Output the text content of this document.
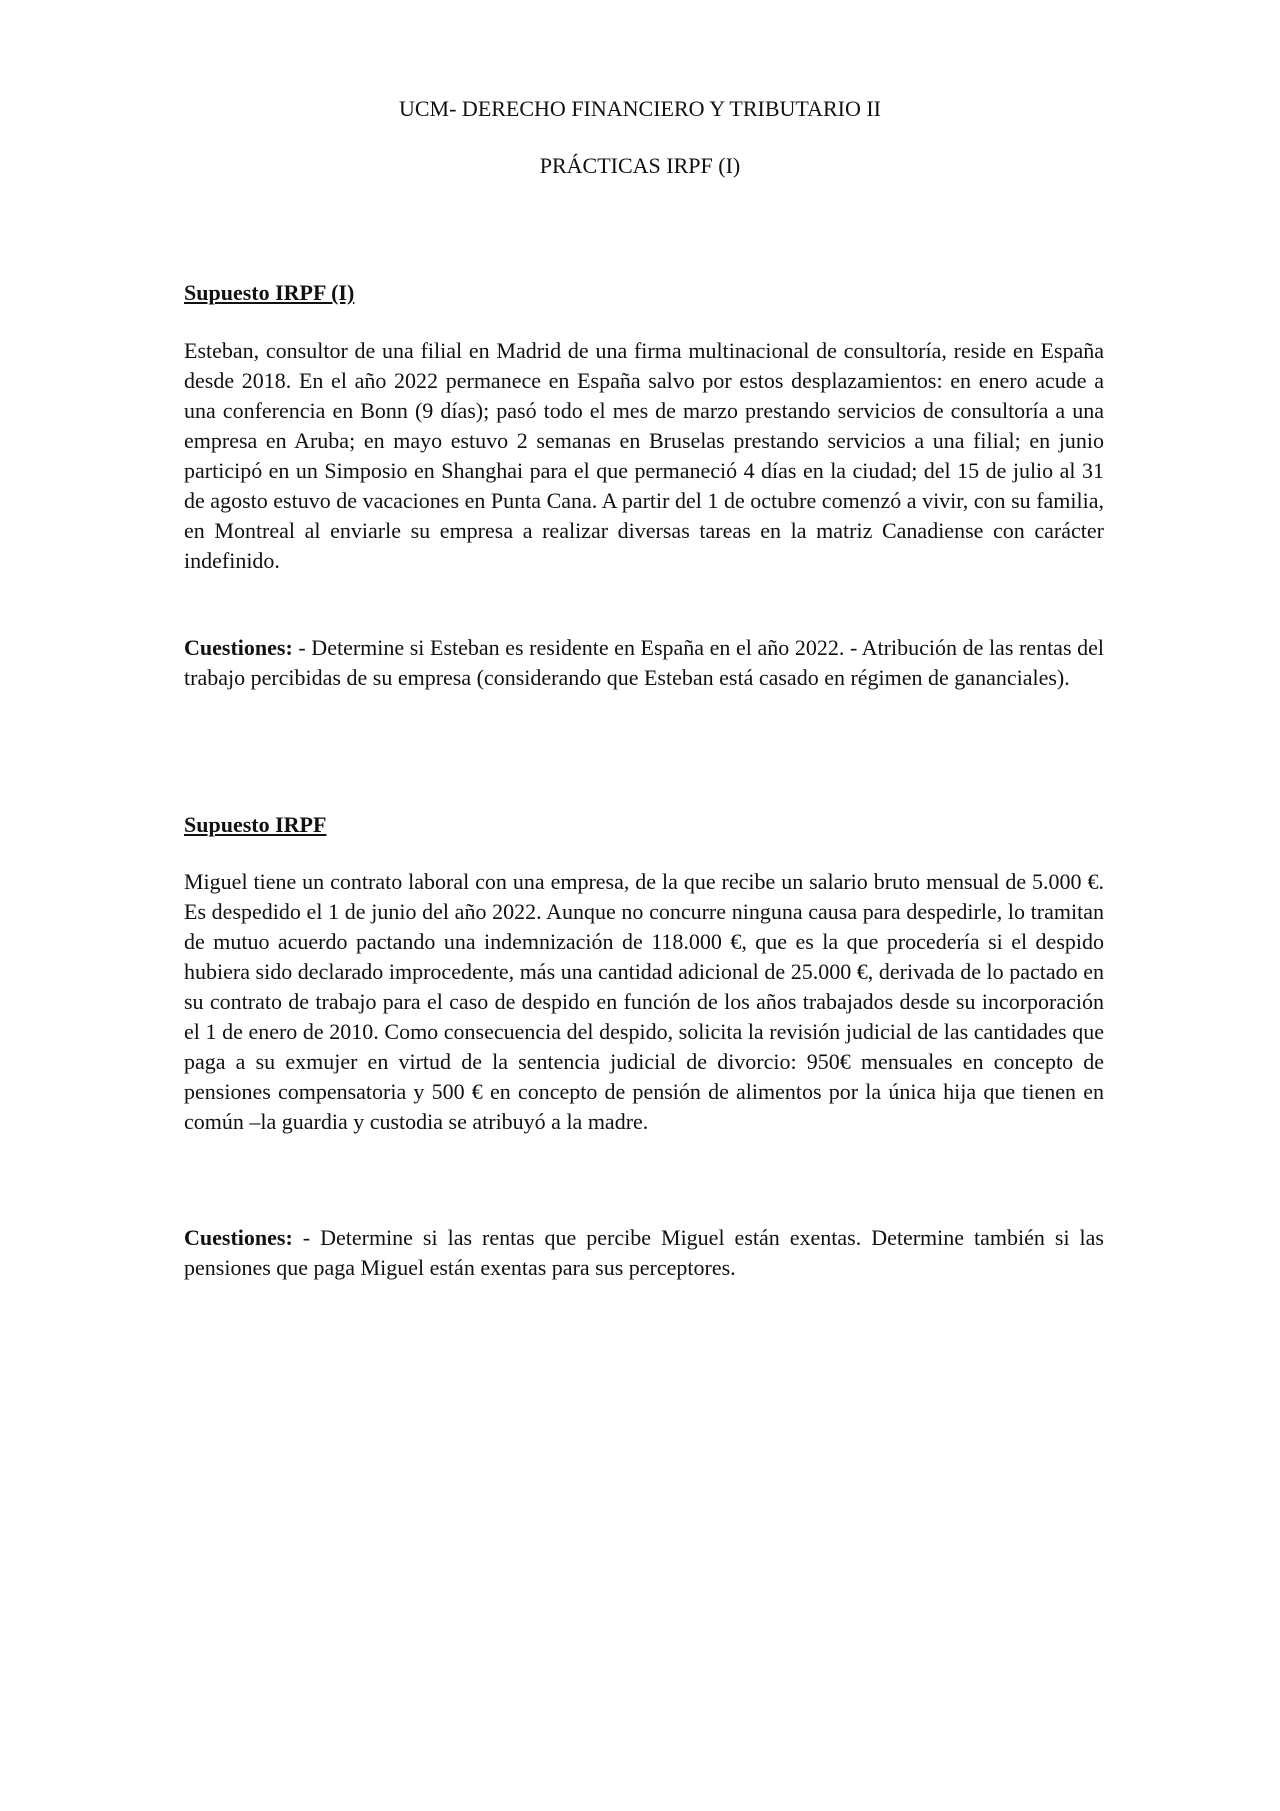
UCM- DERECHO FINANCIERO Y TRIBUTARIO II
PRÁCTICAS IRPF (I)
Supuesto IRPF (I)

Esteban, consultor de una filial en Madrid de una firma multinacional de consultoría, reside en España desde 2018. En el año 2022 permanece en España salvo por estos desplazamientos: en enero acude a una conferencia en Bonn (9 días); pasó todo el mes de marzo prestando servicios de consultoría a una empresa en Aruba; en mayo estuvo 2 semanas en Bruselas prestando servicios a una filial; en junio participó en un Simposio en Shanghai para el que permaneció 4 días en la ciudad; del 15 de julio al 31 de agosto estuvo de vacaciones en Punta Cana. A partir del 1 de octubre comenzó a vivir, con su familia, en Montreal al enviarle su empresa a realizar diversas tareas en la matriz Canadiense con carácter indefinido.

Cuestiones: - Determine si Esteban es residente en España en el año 2022. - Atribución de las rentas del trabajo percibidas de su empresa (considerando que Esteban está casado en régimen de gananciales).

Supuesto IRPF

Miguel tiene un contrato laboral con una empresa, de la que recibe un salario bruto mensual de 5.000 €. Es despedido el 1 de junio del año 2022. Aunque no concurre ninguna causa para despedirle, lo tramitan de mutuo acuerdo pactando una indemnización de 118.000 €, que es la que procedería si el despido hubiera sido declarado improcedente, más una cantidad adicional de 25.000 €, derivada de lo pactado en su contrato de trabajo para el caso de despido en función de los años trabajados desde su incorporación el 1 de enero de 2010. Como consecuencia del despido, solicita la revisión judicial de las cantidades que paga a su exmujer en virtud de la sentencia judicial de divorcio: 950€ mensuales en concepto de pensiones compensatoria y 500 € en concepto de pensión de alimentos por la única hija que tienen en común –la guardia y custodia se atribuyó a la madre.

Cuestiones: - Determine si las rentas que percibe Miguel están exentas. Determine también si las pensiones que paga Miguel están exentas para sus perceptores.
